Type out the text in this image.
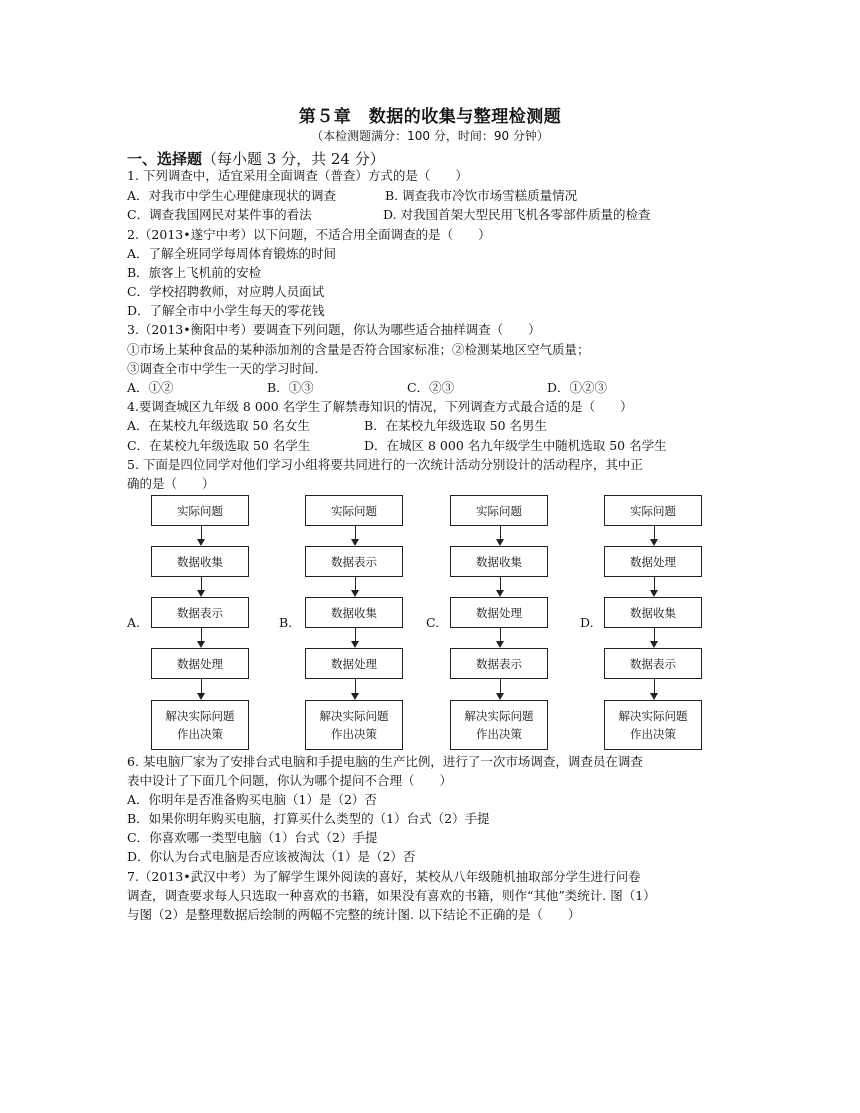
第５章　数据的收集与整理检测题
（本检测题满分：100 分，时间：90 分钟）
一、选择题（每小题 3 分，共 24 分）
1. 下列调查中，适宜采用全面调查（普查）方式的是（　　）
A．对我市中学生心理健康现状的调查	B. 调查我市冷饮市场雪糕质量情况
C．调查我国网民对某件事的看法	D. 对我国首架大型民用飞机各零部件质量的检查
2.（2013•遂宁中考）以下问题，不适合用全面调查的是（　　）
A．了解全班同学每周体育锻炼的时间
B．旅客上飞机前的安检
C．学校招聘教师，对应聘人员面试
D．了解全市中小学生每天的零花钱
3.（2013•衡阳中考）要调查下列问题，你认为哪些适合抽样调查（　　）
①市场上某种食品的某种添加剂的含量是否符合国家标准；②检测某地区空气质量；
③调查全市中学生一天的学习时间.
A．①②	B．①③	C．②③	D．①②③
4.要调查城区九年级 8 000 名学生了解禁毒知识的情况，下列调查方式最合适的是（　　）
A．在某校九年级选取 50 名女生	B．在某校九年级选取 50 名男生
C．在某校九年级选取 50 名学生	D．在城区 8 000 名九年级学生中随机选取 50 名学生
5. 下面是四位同学对他们学习小组将要共同进行的一次统计活动分别设计的活动程序，其中正
确的是（　　）
A.
实际问题
数据收集
数据表示
数据处理
解决实际问题
作出决策
B.
实际问题
数据表示
数据收集
数据处理
解决实际问题
作出决策
C.
实际问题
数据收集
数据处理
数据表示
解决实际问题
作出决策
D.
实际问题
数据处理
数据收集
数据表示
解决实际问题
作出决策
6. 某电脑厂家为了安排台式电脑和手提电脑的生产比例，进行了一次市场调查，调查员在调查
表中设计了下面几个问题，你认为哪个提问不合理（　　）
A．你明年是否准备购买电脑（1）是（2）否
B．如果你明年购买电脑，打算买什么类型的（1）台式（2）手提
C．你喜欢哪一类型电脑（1）台式（2）手提
D．你认为台式电脑是否应该被淘汰（1）是（2）否
7.（2013•武汉中考）为了解学生课外阅读的喜好，某校从八年级随机抽取部分学生进行问卷
调查，调查要求每人只选取一种喜欢的书籍，如果没有喜欢的书籍，则作“其他”类统计. 图（1）
与图（2）是整理数据后绘制的两幅不完整的统计图. 以下结论不正确的是（　　）
